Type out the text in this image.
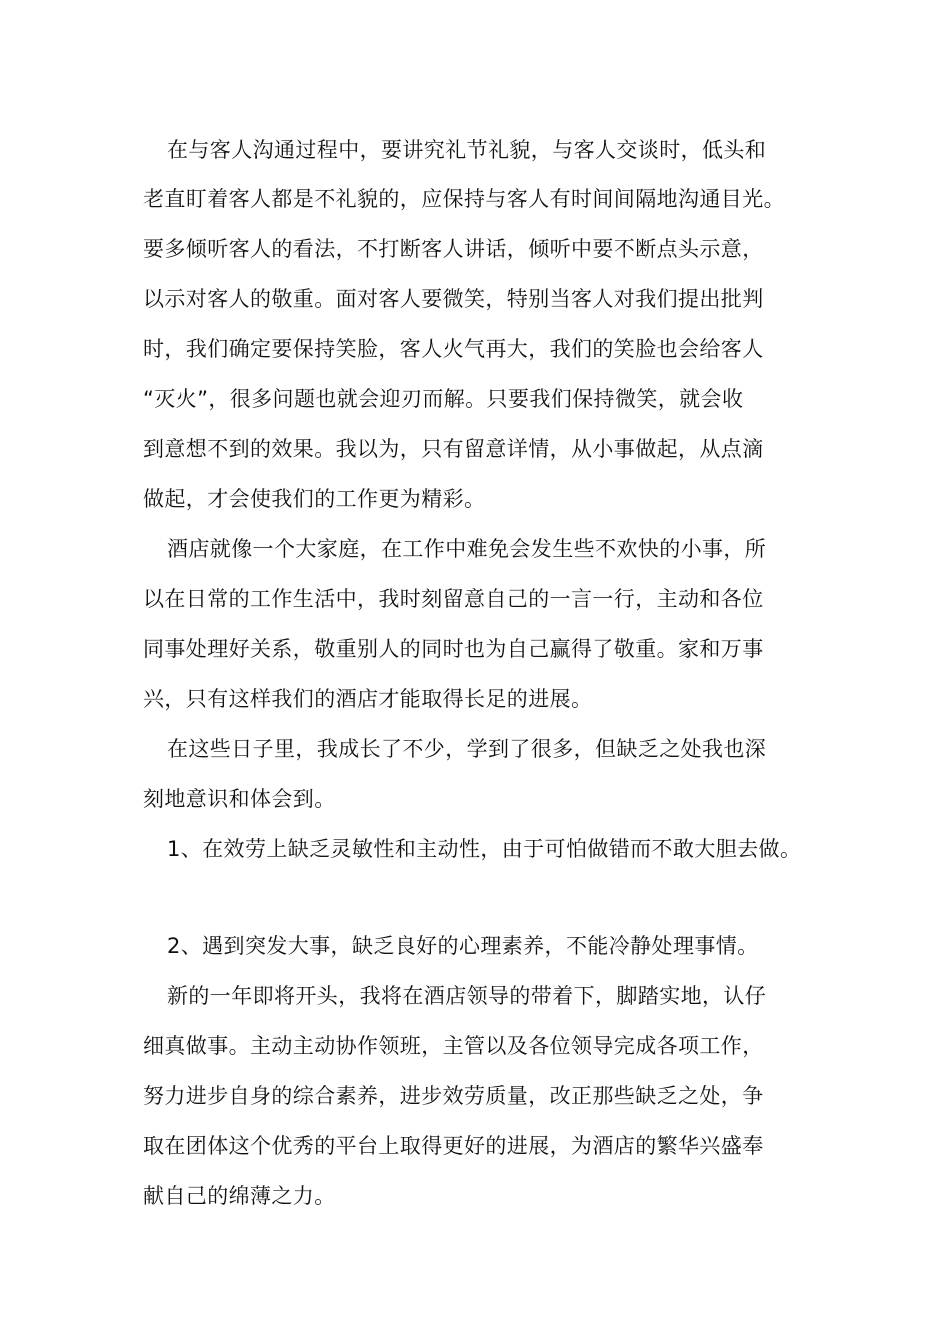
在与客人沟通过程中，要讲究礼节礼貌，与客人交谈时，低头和
老直盯着客人都是不礼貌的，应保持与客人有时间间隔地沟通目光。
要多倾听客人的看法，不打断客人讲话，倾听中要不断点头示意，
以示对客人的敬重。面对客人要微笑，特别当客人对我们提出批判
时，我们确定要保持笑脸，客人火气再大，我们的笑脸也会给客人
“灭火”，很多问题也就会迎刃而解。只要我们保持微笑，就会收
到意想不到的效果。我以为，只有留意详情，从小事做起，从点滴
做起，才会使我们的工作更为精彩。
酒店就像一个大家庭，在工作中难免会发生些不欢快的小事，所
以在日常的工作生活中，我时刻留意自己的一言一行，主动和各位
同事处理好关系，敬重别人的同时也为自己赢得了敬重。家和万事
兴，只有这样我们的酒店才能取得长足的进展。
在这些日子里，我成长了不少，学到了很多，但缺乏之处我也深
刻地意识和体会到。
1、在效劳上缺乏灵敏性和主动性，由于可怕做错而不敢大胆去做。
2、遇到突发大事，缺乏良好的心理素养，不能冷静处理事情。
新的一年即将开头，我将在酒店领导的带着下，脚踏实地，认仔
细真做事。主动主动协作领班，主管以及各位领导完成各项工作，
努力进步自身的综合素养，进步效劳质量，改正那些缺乏之处，争
取在团体这个优秀的平台上取得更好的进展，为酒店的繁华兴盛奉
献自己的绵薄之力。
